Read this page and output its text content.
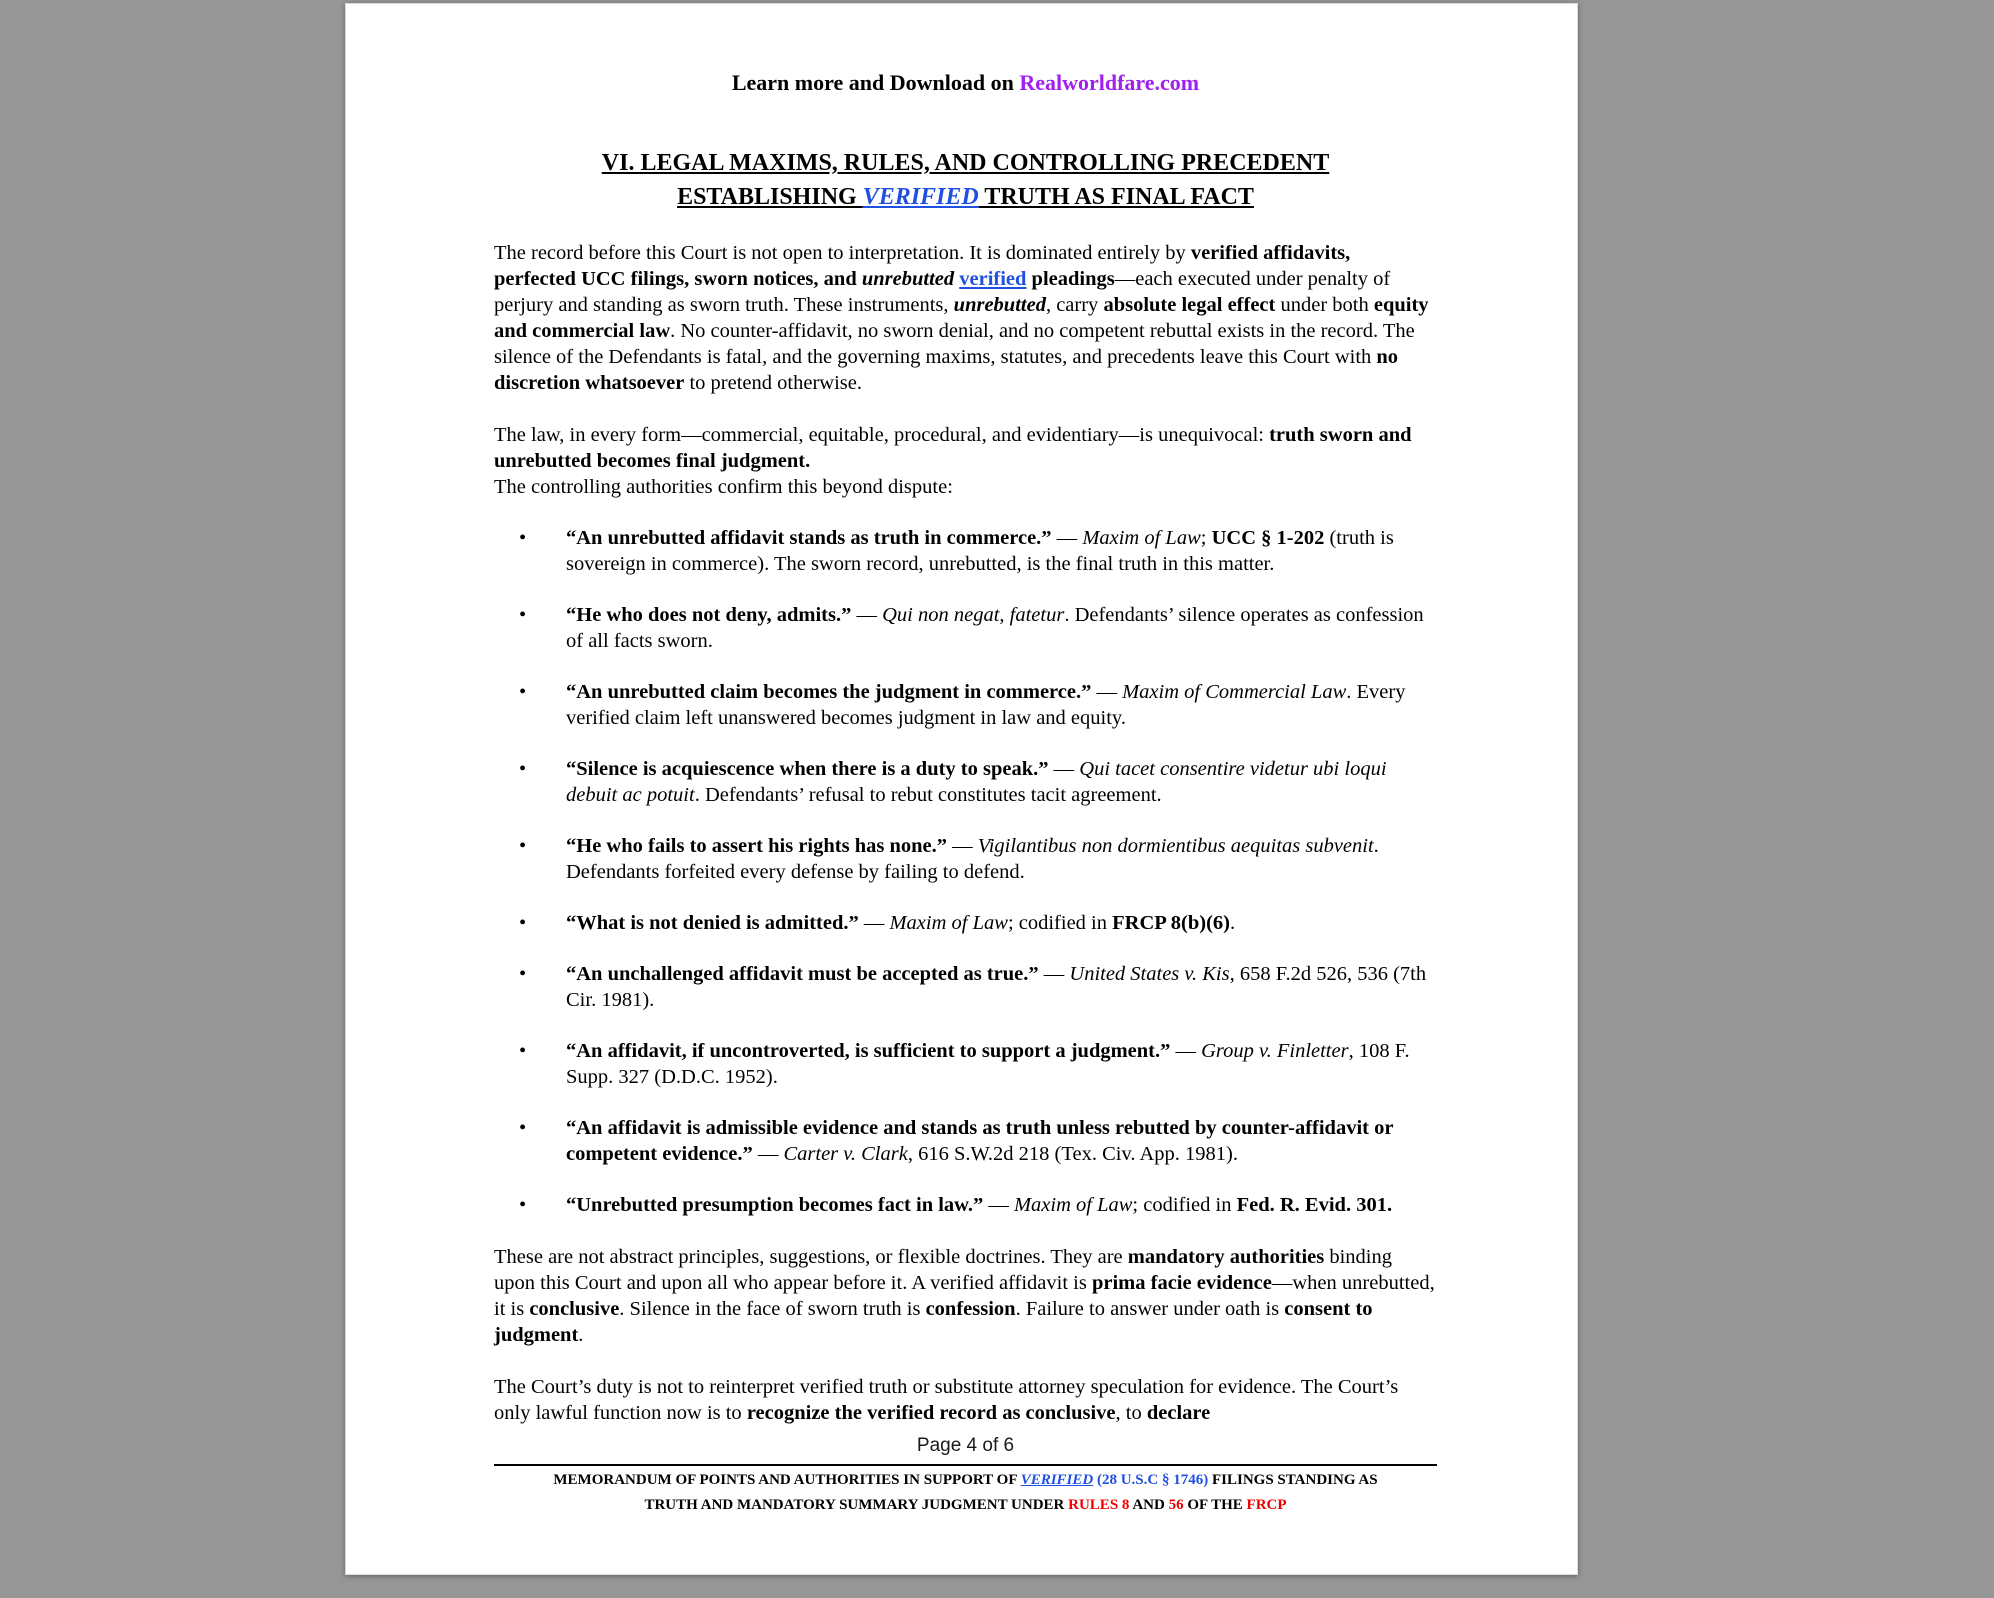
Learn more and Download on Realworldfare.com
VI. LEGAL MAXIMS, RULES, AND CONTROLLING PRECEDENT
ESTABLISHING VERIFIED TRUTH AS FINAL FACT

The record before this Court is not open to interpretation. It is dominated entirely by verified affidavits, perfected UCC filings, sworn notices, and unrebutted verified pleadings—each executed under penalty of perjury and standing as sworn truth. These instruments, unrebutted, carry absolute legal effect under both equity and commercial law. No counter-affidavit, no sworn denial, and no competent rebuttal exists in the record. The silence of the Defendants is fatal, and the governing maxims, statutes, and precedents leave this Court with no discretion whatsoever to pretend otherwise.

The law, in every form—commercial, equitable, procedural, and evidentiary—is unequivocal: truth sworn and unrebutted becomes final judgment.

The controlling authorities confirm this beyond dispute:

• “An unrebutted affidavit stands as truth in commerce.” — Maxim of Law; UCC § 1-202 (truth is sovereign in commerce). The sworn record, unrebutted, is the final truth in this matter.
• “He who does not deny, admits.” — Qui non negat, fatetur. Defendants’ silence operates as confession of all facts sworn.
• “An unrebutted claim becomes the judgment in commerce.” — Maxim of Commercial Law. Every verified claim left unanswered becomes judgment in law and equity.
• “Silence is acquiescence when there is a duty to speak.” — Qui tacet consentire videtur ubi loqui debuit ac potuit. Defendants’ refusal to rebut constitutes tacit agreement.
• “He who fails to assert his rights has none.” — Vigilantibus non dormientibus aequitas subvenit. Defendants forfeited every defense by failing to defend.
• “What is not denied is admitted.” — Maxim of Law; codified in FRCP 8(b)(6).
• “An unchallenged affidavit must be accepted as true.” — United States v. Kis, 658 F.2d 526, 536 (7th Cir. 1981).
• “An affidavit, if uncontroverted, is sufficient to support a judgment.” — Group v. Finletter, 108 F. Supp. 327 (D.D.C. 1952).
• “An affidavit is admissible evidence and stands as truth unless rebutted by counter-affidavit or competent evidence.” — Carter v. Clark, 616 S.W.2d 218 (Tex. Civ. App. 1981).
• “Unrebutted presumption becomes fact in law.” — Maxim of Law; codified in Fed. R. Evid. 301.

These are not abstract principles, suggestions, or flexible doctrines. They are mandatory authorities binding upon this Court and upon all who appear before it. A verified affidavit is prima facie evidence—when unrebutted, it is conclusive. Silence in the face of sworn truth is confession. Failure to answer under oath is consent to judgment.

The Court’s duty is not to reinterpret verified truth or substitute attorney speculation for evidence. The Court’s only lawful function now is to recognize the verified record as conclusive, to declare

Page 4 of 6
MEMORANDUM OF POINTS AND AUTHORITIES IN SUPPORT OF VERIFIED (28 U.S.C § 1746) FILINGS STANDING AS
TRUTH AND MANDATORY SUMMARY JUDGMENT UNDER RULES 8 AND 56 OF THE FRCP
